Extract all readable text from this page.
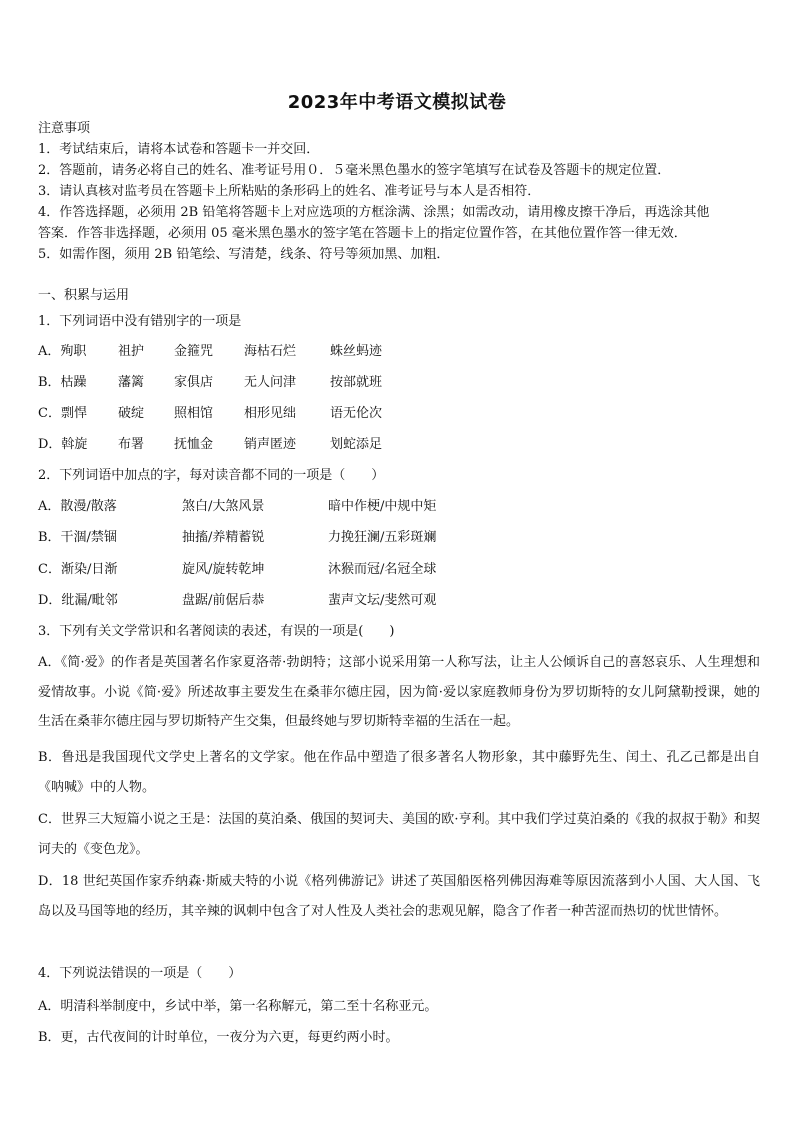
2023年中考语文模拟试卷
注意事项
1．考试结束后，请将本试卷和答题卡一并交回．
2．答题前，请务必将自己的姓名、准考证号用０．５毫米黑色墨水的签字笔填写在试卷及答题卡的规定位置．
3．请认真核对监考员在答题卡上所粘贴的条形码上的姓名、准考证号与本人是否相符．
4．作答选择题，必须用 2B 铅笔将答题卡上对应选项的方框涂满、涂黑；如需改动，请用橡皮擦干净后，再选涂其他
答案．作答非选择题，必须用 05 毫米黑色墨水的签字笔在答题卡上的指定位置作答，在其他位置作答一律无效．
5．如需作图，须用 2B 铅笔绘、写清楚，线条、符号等须加黑、加粗．
一、积累与运用
1．下列词语中没有错别字的一项是
A．殉职 祖护 金箍咒 海枯石烂	蛛丝蚂迹
B．枯躁 藩篱 家俱店 无人问津	按部就班
C．剽悍 破绽 照相馆 相形见绌	语无伦次
D．斡旋 布署 抚恤金 销声匿迹	划蛇添足
2．下列词语中加点的字，每对读音都不同的一项是（　　）
A．散漫/散落	煞白/大煞风景	暗中作梗/中规中矩
B．干涸/禁锢	抽搐/养精蓄锐	力挽狂澜/五彩斑斓
C．渐染/日渐	旋风/旋转乾坤	沐猴而冠/名冠全球
D．纰漏/毗邻	盘踞/前倨后恭	蜚声文坛/斐然可观
3．下列有关文学常识和名著阅读的表述，有误的一项是(　　)
A．《简·爱》的作者是英国著名作家夏洛蒂·勃朗特；这部小说采用第一人称写法，让主人公倾诉自己的喜怒哀乐、人生理想和爱情故事。小说《简·爱》所述故事主要发生在桑菲尔德庄园，因为简·爱以家庭教师身份为罗切斯特的女儿阿黛勒授课，她的生活在桑菲尔德庄园与罗切斯特产生交集，但最终她与罗切斯特幸福的生活在一起。
B．鲁迅是我国现代文学史上著名的文学家。他在作品中塑造了很多著名人物形象，其中藤野先生、闰土、孔乙己都是出自《呐喊》中的人物。
C．世界三大短篇小说之王是：法国的莫泊桑、俄国的契诃夫、美国的欧·亨利。其中我们学过莫泊桑的《我的叔叔于勒》和契诃夫的《变色龙》。
D．18 世纪英国作家乔纳森·斯威夫特的小说《格列佛游记》讲述了英国船医格列佛因海难等原因流落到小人国、大人国、飞岛以及马国等地的经历，其辛辣的讽刺中包含了对人性及人类社会的悲观见解，隐含了作者一种苦涩而热切的忧世情怀。
4．下列说法错误的一项是（　　）
A．明清科举制度中，乡试中举，第一名称解元，第二至十名称亚元。
B．更，古代夜间的计时单位，一夜分为六更，每更约两小时。
